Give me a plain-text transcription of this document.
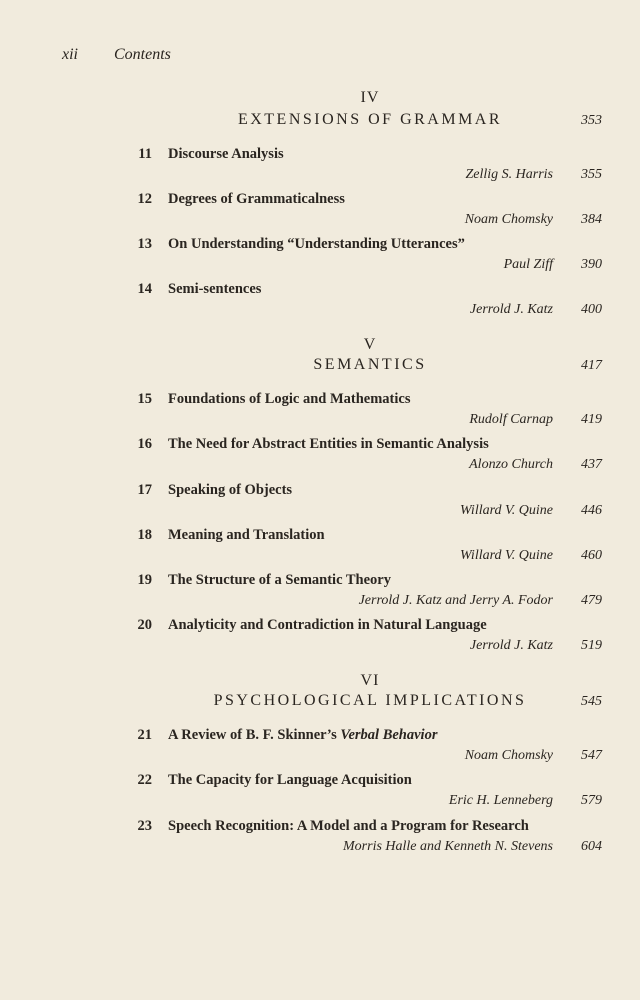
xii Contents
IV
EXTENSIONS OF GRAMMAR	353
11 Discourse Analysis
Zellig S. Harris 355
12 Degrees of Grammaticalness
Noam Chomsky 384
13 On Understanding “Understanding Utterances”
Paul Ziff 390
14 Semi-sentences
Jerrold J. Katz 400
V
SEMANTICS	417
15 Foundations of Logic and Mathematics
Rudolf Carnap 419
16 The Need for Abstract Entities in Semantic Analysis
Alonzo Church 437
17 Speaking of Objects
Willard V. Quine 446
18 Meaning and Translation
Willard V. Quine 460
19 The Structure of a Semantic Theory
Jerrold J. Katz and Jerry A. Fodor 479
20 Analyticity and Contradiction in Natural Language
Jerrold J. Katz 519
VI
PSYCHOLOGICAL IMPLICATIONS	545
21 A Review of B. F. Skinner’s Verbal Behavior
Noam Chomsky 547
22 The Capacity for Language Acquisition
Eric H. Lenneberg 579
23 Speech Recognition: A Model and a Program for Research
Morris Halle and Kenneth N. Stevens 604
